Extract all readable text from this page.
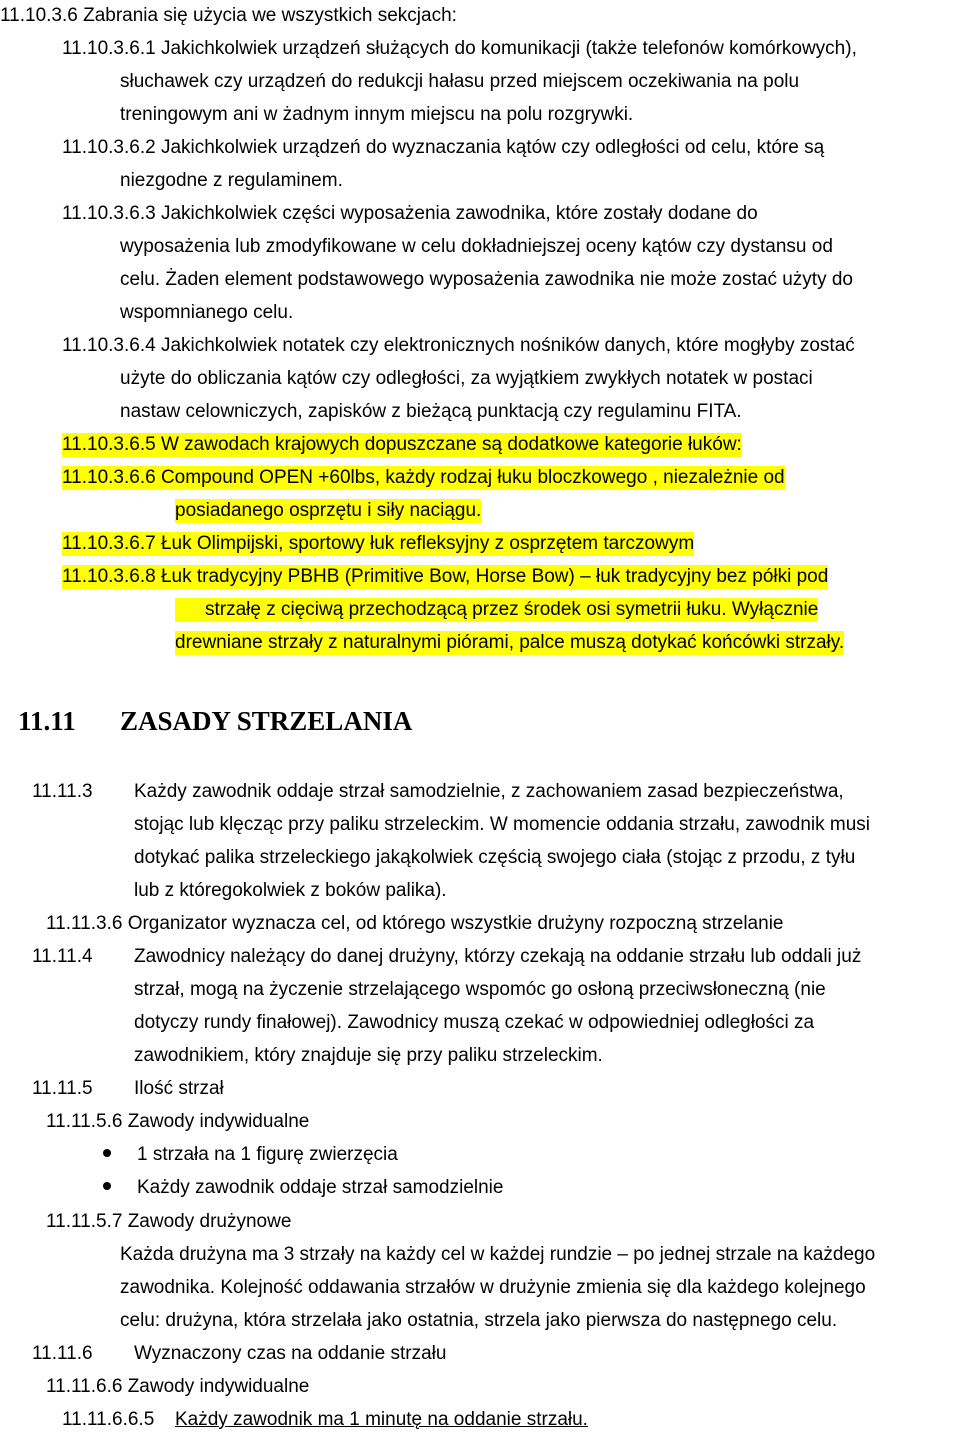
11.10.3.6 Zabrania się użycia we wszystkich sekcjach:
11.10.3.6.1 Jakichkolwiek urządzeń służących do komunikacji (także telefonów komórkowych),
słuchawek czy urządzeń do redukcji hałasu przed miejscem oczekiwania na polu
treningowym ani w żadnym innym miejscu na polu rozgrywki.
11.10.3.6.2 Jakichkolwiek urządzeń do wyznaczania kątów czy odległości od celu, które są
niezgodne z regulaminem.
11.10.3.6.3 Jakichkolwiek części wyposażenia zawodnika, które zostały dodane do
wyposażenia lub zmodyfikowane w celu dokładniejszej oceny kątów czy dystansu od
celu. Żaden element podstawowego wyposażenia zawodnika nie może zostać użyty do
wspomnianego celu.
11.10.3.6.4 Jakichkolwiek notatek czy elektronicznych nośników danych, które mogłyby zostać
użyte do obliczania kątów czy odległości, za wyjątkiem zwykłych notatek w postaci
nastaw celowniczych, zapisków z bieżącą punktacją czy regulaminu FITA.
11.10.3.6.5 W zawodach krajowych dopuszczane są dodatkowe kategorie łuków:
11.10.3.6.6 Compound OPEN +60lbs, każdy rodzaj łuku bloczkowego , niezależnie od
posiadanego osprzętu i siły naciągu.
11.10.3.6.7 Łuk Olimpijski, sportowy łuk refleksyjny z osprzętem tarczowym
11.10.3.6.8 Łuk tradycyjny PBHB (Primitive Bow, Horse Bow) – łuk tradycyjny bez półki pod
strzałę z cięciwą przechodzącą przez środek osi symetrii łuku. Wyłącznie
drewniane strzały z naturalnymi piórami, palce muszą dotykać końcówki strzały.
11.11 ZASADY STRZELANIA
11.11.3 Każdy zawodnik oddaje strzał samodzielnie, z zachowaniem zasad bezpieczeństwa,
stojąc lub klęcząc przy paliku strzeleckim. W momencie oddania strzału, zawodnik musi
dotykać palika strzeleckiego jakąkolwiek częścią swojego ciała (stojąc z przodu, z tyłu
lub z któregokolwiek z boków palika).
11.11.3.6 Organizator wyznacza cel, od którego wszystkie drużyny rozpoczną strzelanie
11.11.4 Zawodnicy należący do danej drużyny, którzy czekają na oddanie strzału lub oddali już
strzał, mogą na życzenie strzelającego wspomóc go osłoną przeciwsłoneczną (nie
dotyczy rundy finałowej). Zawodnicy muszą czekać w odpowiedniej odległości za
zawodnikiem, który znajduje się przy paliku strzeleckim.
11.11.5 Ilość strzał
11.11.5.6 Zawody indywidualne
1 strzała na 1 figurę zwierzęcia
Każdy zawodnik oddaje strzał samodzielnie
11.11.5.7 Zawody drużynowe
Każda drużyna ma 3 strzały na każdy cel w każdej rundzie – po jednej strzale na każdego
zawodnika. Kolejność oddawania strzałów w drużynie zmienia się dla każdego kolejnego
celu: drużyna, która strzelała jako ostatnia, strzela jako pierwsza do następnego celu.
11.11.6 Wyznaczony czas na oddanie strzału
11.11.6.6 Zawody indywidualne
11.11.6.6.5 Każdy zawodnik ma 1 minutę na oddanie strzału.
